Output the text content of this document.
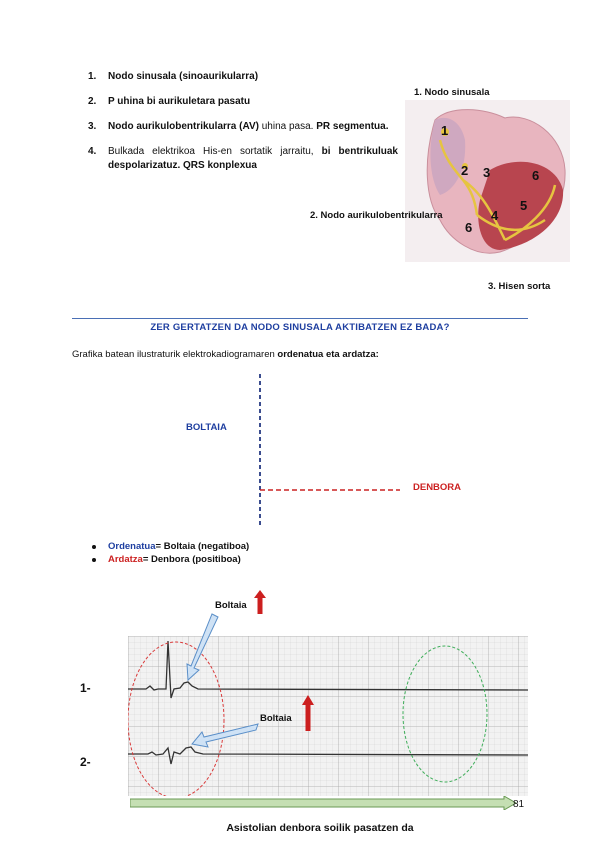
1.	Nodo sinusala (sinoaurikularra)
2.	P uhina bi aurikuletara pasatu
3.	Nodo aurikulobentrikularra (AV) uhina pasa. PR segmentua.
4.	Bulkada elektrikoa His-en sortatik jarraitu, bi bentrikuluak despolarizatuz. QRS konplexua
1. Nodo sinusala
1
2 3
4
5
6
6
2. Nodo aurikulobentrikularra
3. Hisen sorta
ZER GERTATZEN DA NODO SINUSALA AKTIBATZEN EZ BADA?
Grafika batean ilustraturik elektrokadiogramaren ordenatua eta ardatza:
BOLTAIA
DENBORA
Ordenatua = Boltaia (negatiboa)
Ardatza = Denbora (positiboa)
Boltaia
Boltaia
1-
2-
81
Asistolian denbora soilik pasatzen da
